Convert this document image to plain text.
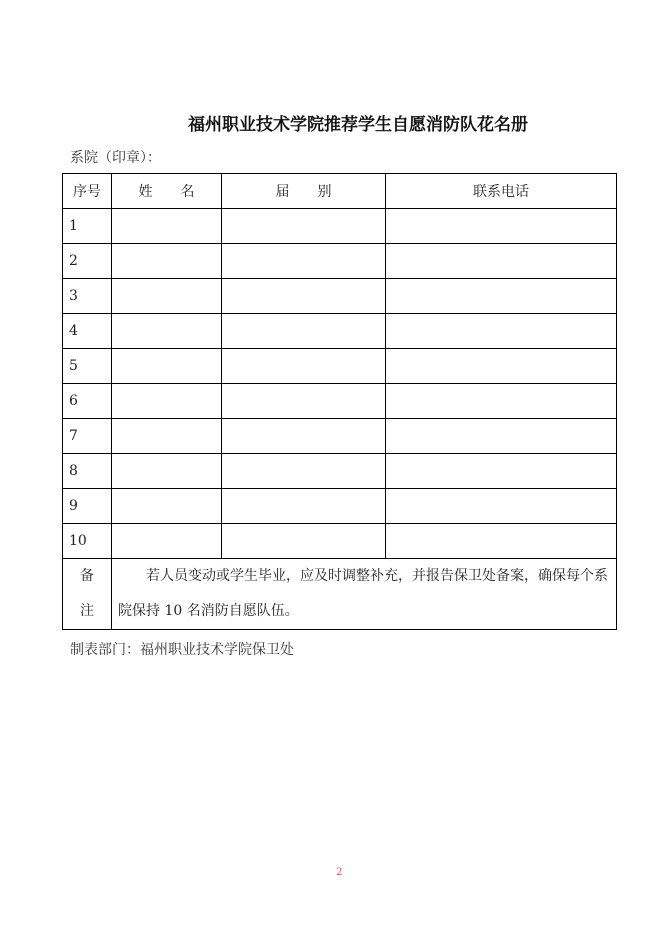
福州职业技术学院推荐学生自愿消防队花名册
系院（印章）：
序号	姓　　名	届　　别	联系电话
1			
2			
3			
4			
5			
6			
7			
8			
9			
10			
备
注	若人员变动或学生毕业，应及时调整补充，并报告保卫处备案，确保每个系院保持 10 名消防自愿队伍。		
制表部门：福州职业技术学院保卫处
2
